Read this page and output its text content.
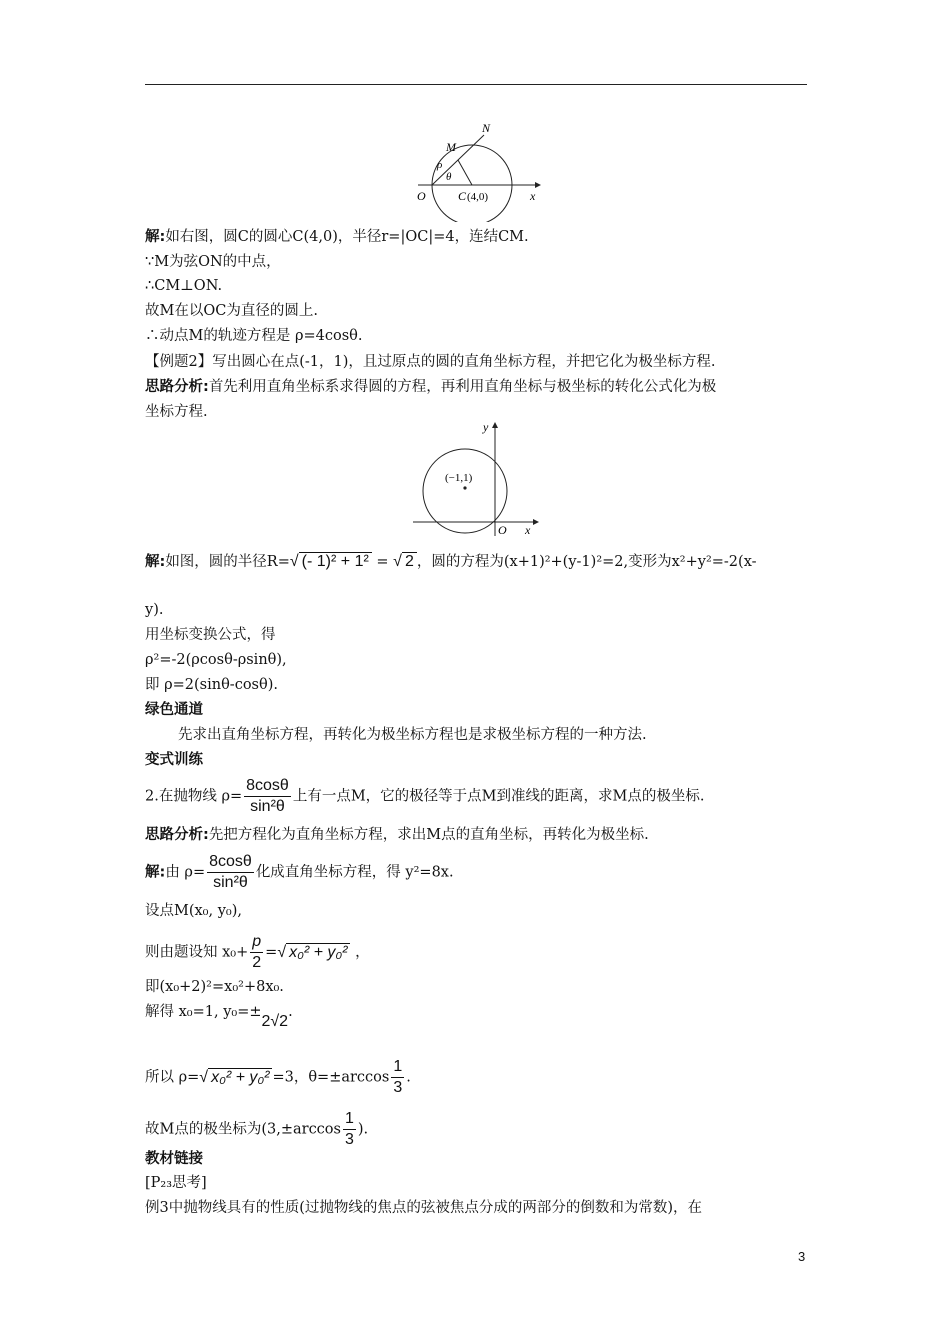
N
M
ρ
θ
O	C (4,0)	x
解:如右图，圆C的圆心C(4,0)，半径r=|OC|=4，连结CM.
∵M为弦ON的中点，
∴CM⊥ON.
故M在以OC为直径的圆上.
∴动点M的轨迹方程是 ρ=4cosθ.
【例题2】写出圆心在点(-1，1)，且过原点的圆的直角坐标方程，并把它化为极坐标方程.
思路分析:首先利用直角坐标系求得圆的方程，再利用直角坐标与极坐标的转化公式化为极
坐标方程.
y
(−1,1)
O x
解:如图，圆的半径R=√ (- 1)² + 1² = √ 2 ，圆的方程为(x+1)²+(y-1)²=2,变形为x²+y²=-2(x-
y).
用坐标变换公式，得
ρ²=-2(ρcosθ-ρsinθ),
即 ρ=2(sinθ-cosθ).
绿色通道
先求出直角坐标方程，再转化为极坐标方程也是求极坐标方程的一种方法.
变式训练
2.在抛物线 $\rho= \frac{8\cos\theta}{\text{sin²θ}}$ 上有一点M，它的极径等于点M到准线的距离，求M点的极坐标.
思路分析:先把方程化为直角坐标方程，求出M点的直角坐标，再转化为极坐标.
解:由 $\rho= \frac{8\cos\theta}{\text{sin²θ}}$ 化成直角坐标方程，得 y²=8x.
设点M(x₀, y₀),
则由题设知 $x_0+ \frac{p}{2}$ =√ x₀² + y₀² ，
即(x₀+2)²=x₀²+8x₀.
解得 x₀=1, y₀=±2√2.
所以 ρ=√ x₀² + y₀² =3，$\theta=\pm\arccos \frac{1}{3}$ .
故M点的极坐标为($3,\pm\arccos \frac{1}{3}$ ).
教材链接
[P₂₃思考]
例3中抛物线具有的性质(过抛物线的焦点的弦被焦点分成的两部分的倒数和为常数)，在
3
